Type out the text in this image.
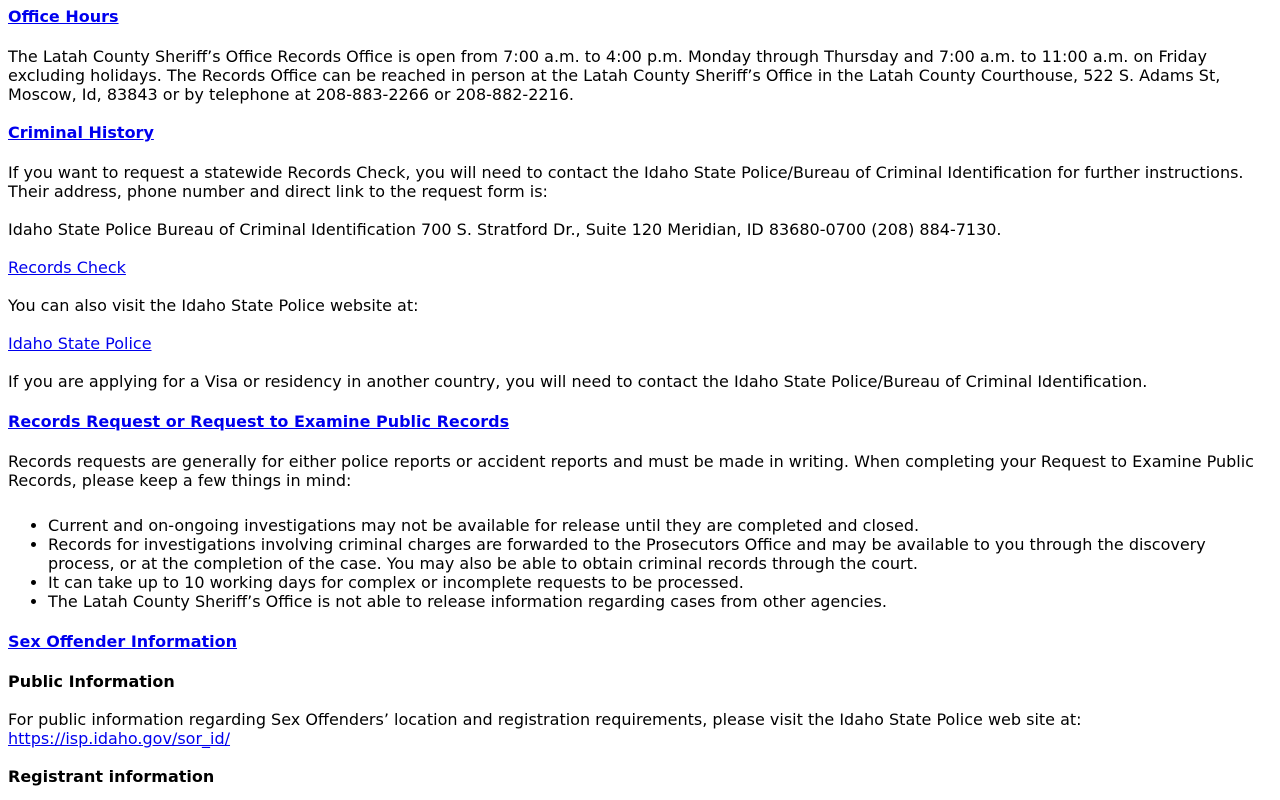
Office Hours

The Latah County Sheriff’s Office Records Office is open from 7:00 a.m. to 4:00 p.m. Monday through Thursday and 7:00 a.m. to 11:00 a.m. on Friday excluding holidays. The Records Office can be reached in person at the Latah County Sheriff’s Office in the Latah County Courthouse, 522 S. Adams St, Moscow, Id, 83843 or by telephone at 208-883-2266 or 208-882-2216.

Criminal History

If you want to request a statewide Records Check, you will need to contact the Idaho State Police/Bureau of Criminal Identification for further instructions. Their address, phone number and direct link to the request form is:

Idaho State Police Bureau of Criminal Identification 700 S. Stratford Dr., Suite 120 Meridian, ID 83680-0700 (208) 884-7130.

Records Check

You can also visit the Idaho State Police website at:

Idaho State Police

If you are applying for a Visa or residency in another country, you will need to contact the Idaho State Police/Bureau of Criminal Identification.

Records Request or Request to Examine Public Records

Records requests are generally for either police reports or accident reports and must be made in writing. When completing your Request to Examine Public Records, please keep a few things in mind:

• Current and on-ongoing investigations may not be available for release until they are completed and closed.
• Records for investigations involving criminal charges are forwarded to the Prosecutors Office and may be available to you through the discovery process, or at the completion of the case. You may also be able to obtain criminal records through the court.
• It can take up to 10 working days for complex or incomplete requests to be processed.
• The Latah County Sheriff’s Office is not able to release information regarding cases from other agencies.
Sex Offender Information
Public Information

For public information regarding Sex Offenders’ location and registration requirements, please visit the Idaho State Police web site at:
https://isp.idaho.gov/sor_id/

Registrant information
